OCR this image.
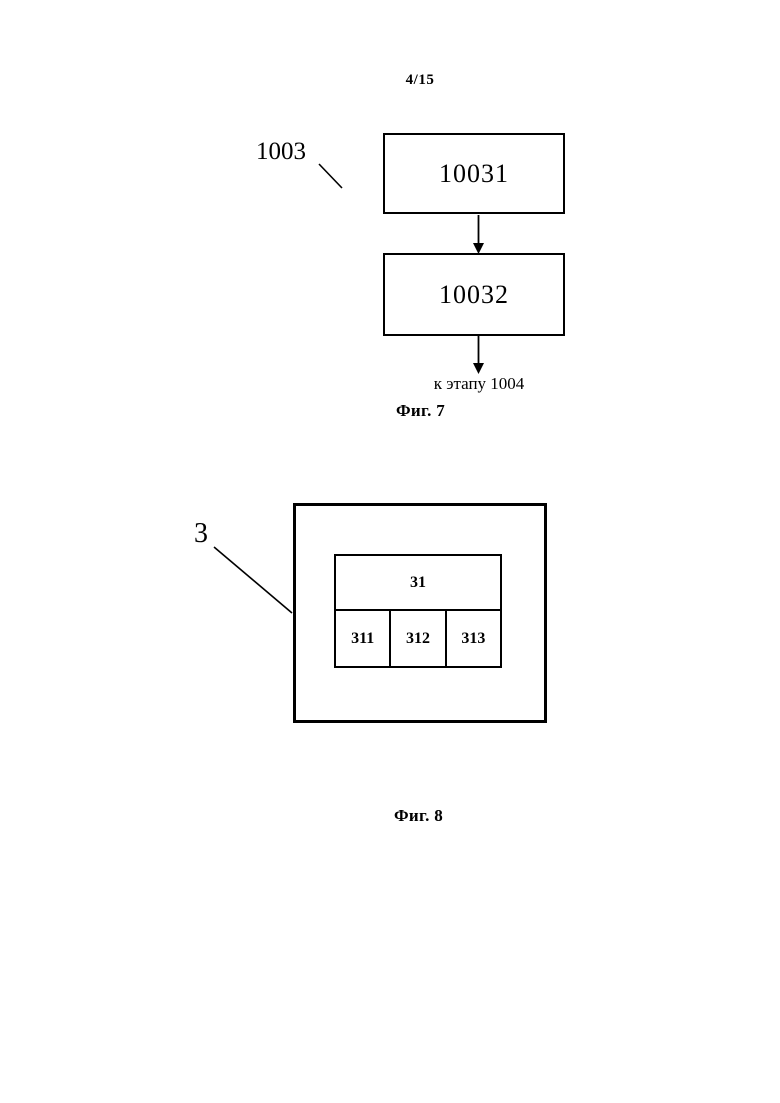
4/15
1003
10031
10032
к этапу 1004
Фиг. 7
3
31
311 312 313
Фиг. 8
